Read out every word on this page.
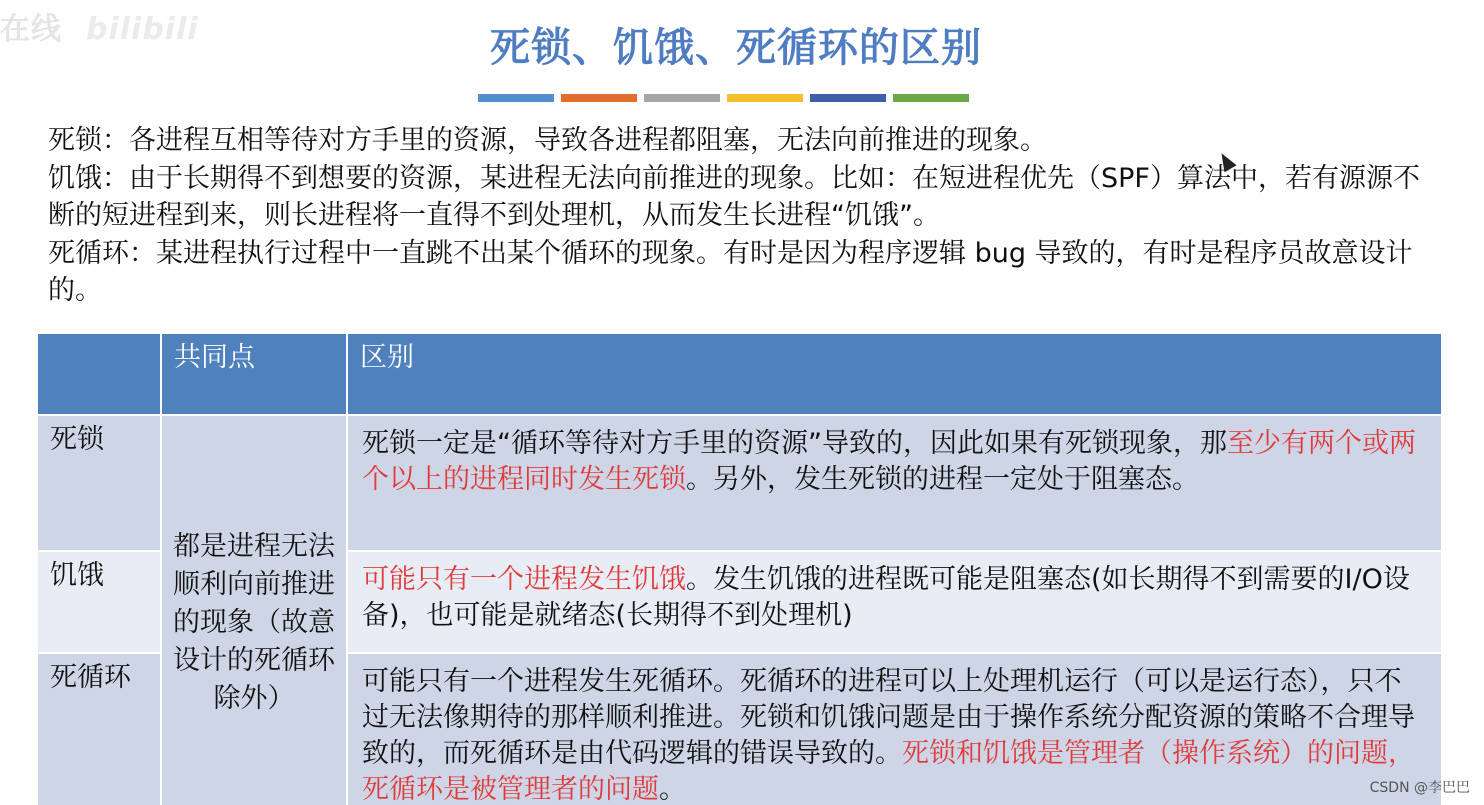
在线 bilibili	死锁、饥饿、死循环的区别

死锁：各进程互相等待对方手里的资源，导致各进程都阻塞，无法向前推进的现象。

饥饿：由于长期得不到想要的资源，某进程无法向前推进的现象。比如：在短进程优先（SPF）算法中，若有源源不断的短进程到来，则长进程将一直得不到处理机，从而发生长进程“饥饿”。

死循环：某进程执行过程中一直跳不出某个循环的现象。有时是因为程序逻辑 bug 导致的，有时是程序员故意设计的。

	共同点	区别
死锁	都是进程无法顺利向前推进的现象（故意设计的死循环除外）	死锁一定是“循环等待对方手里的资源”导致的，因此如果有死锁现象，那至少有两个或两个以上的进程同时发生死锁。另外，发生死锁的进程一定处于阻塞态。
饥饿		可能只有一个进程发生饥饿。发生饥饿的进程既可能是阻塞态(如长期得不到需要的I/O设备)，也可能是就绪态(长期得不到处理机)
死循环		可能只有一个进程发生死循环。死循环的进程可以上处理机运行（可以是运行态），只不过无法像期待的那样顺利推进。死锁和饥饿问题是由于操作系统分配资源的策略不合理导致的，而死循环是由代码逻辑的错误导致的。死锁和饥饿是管理者（操作系统）的问题，死循环是被管理者的问题。	CSDN @李巴巴
